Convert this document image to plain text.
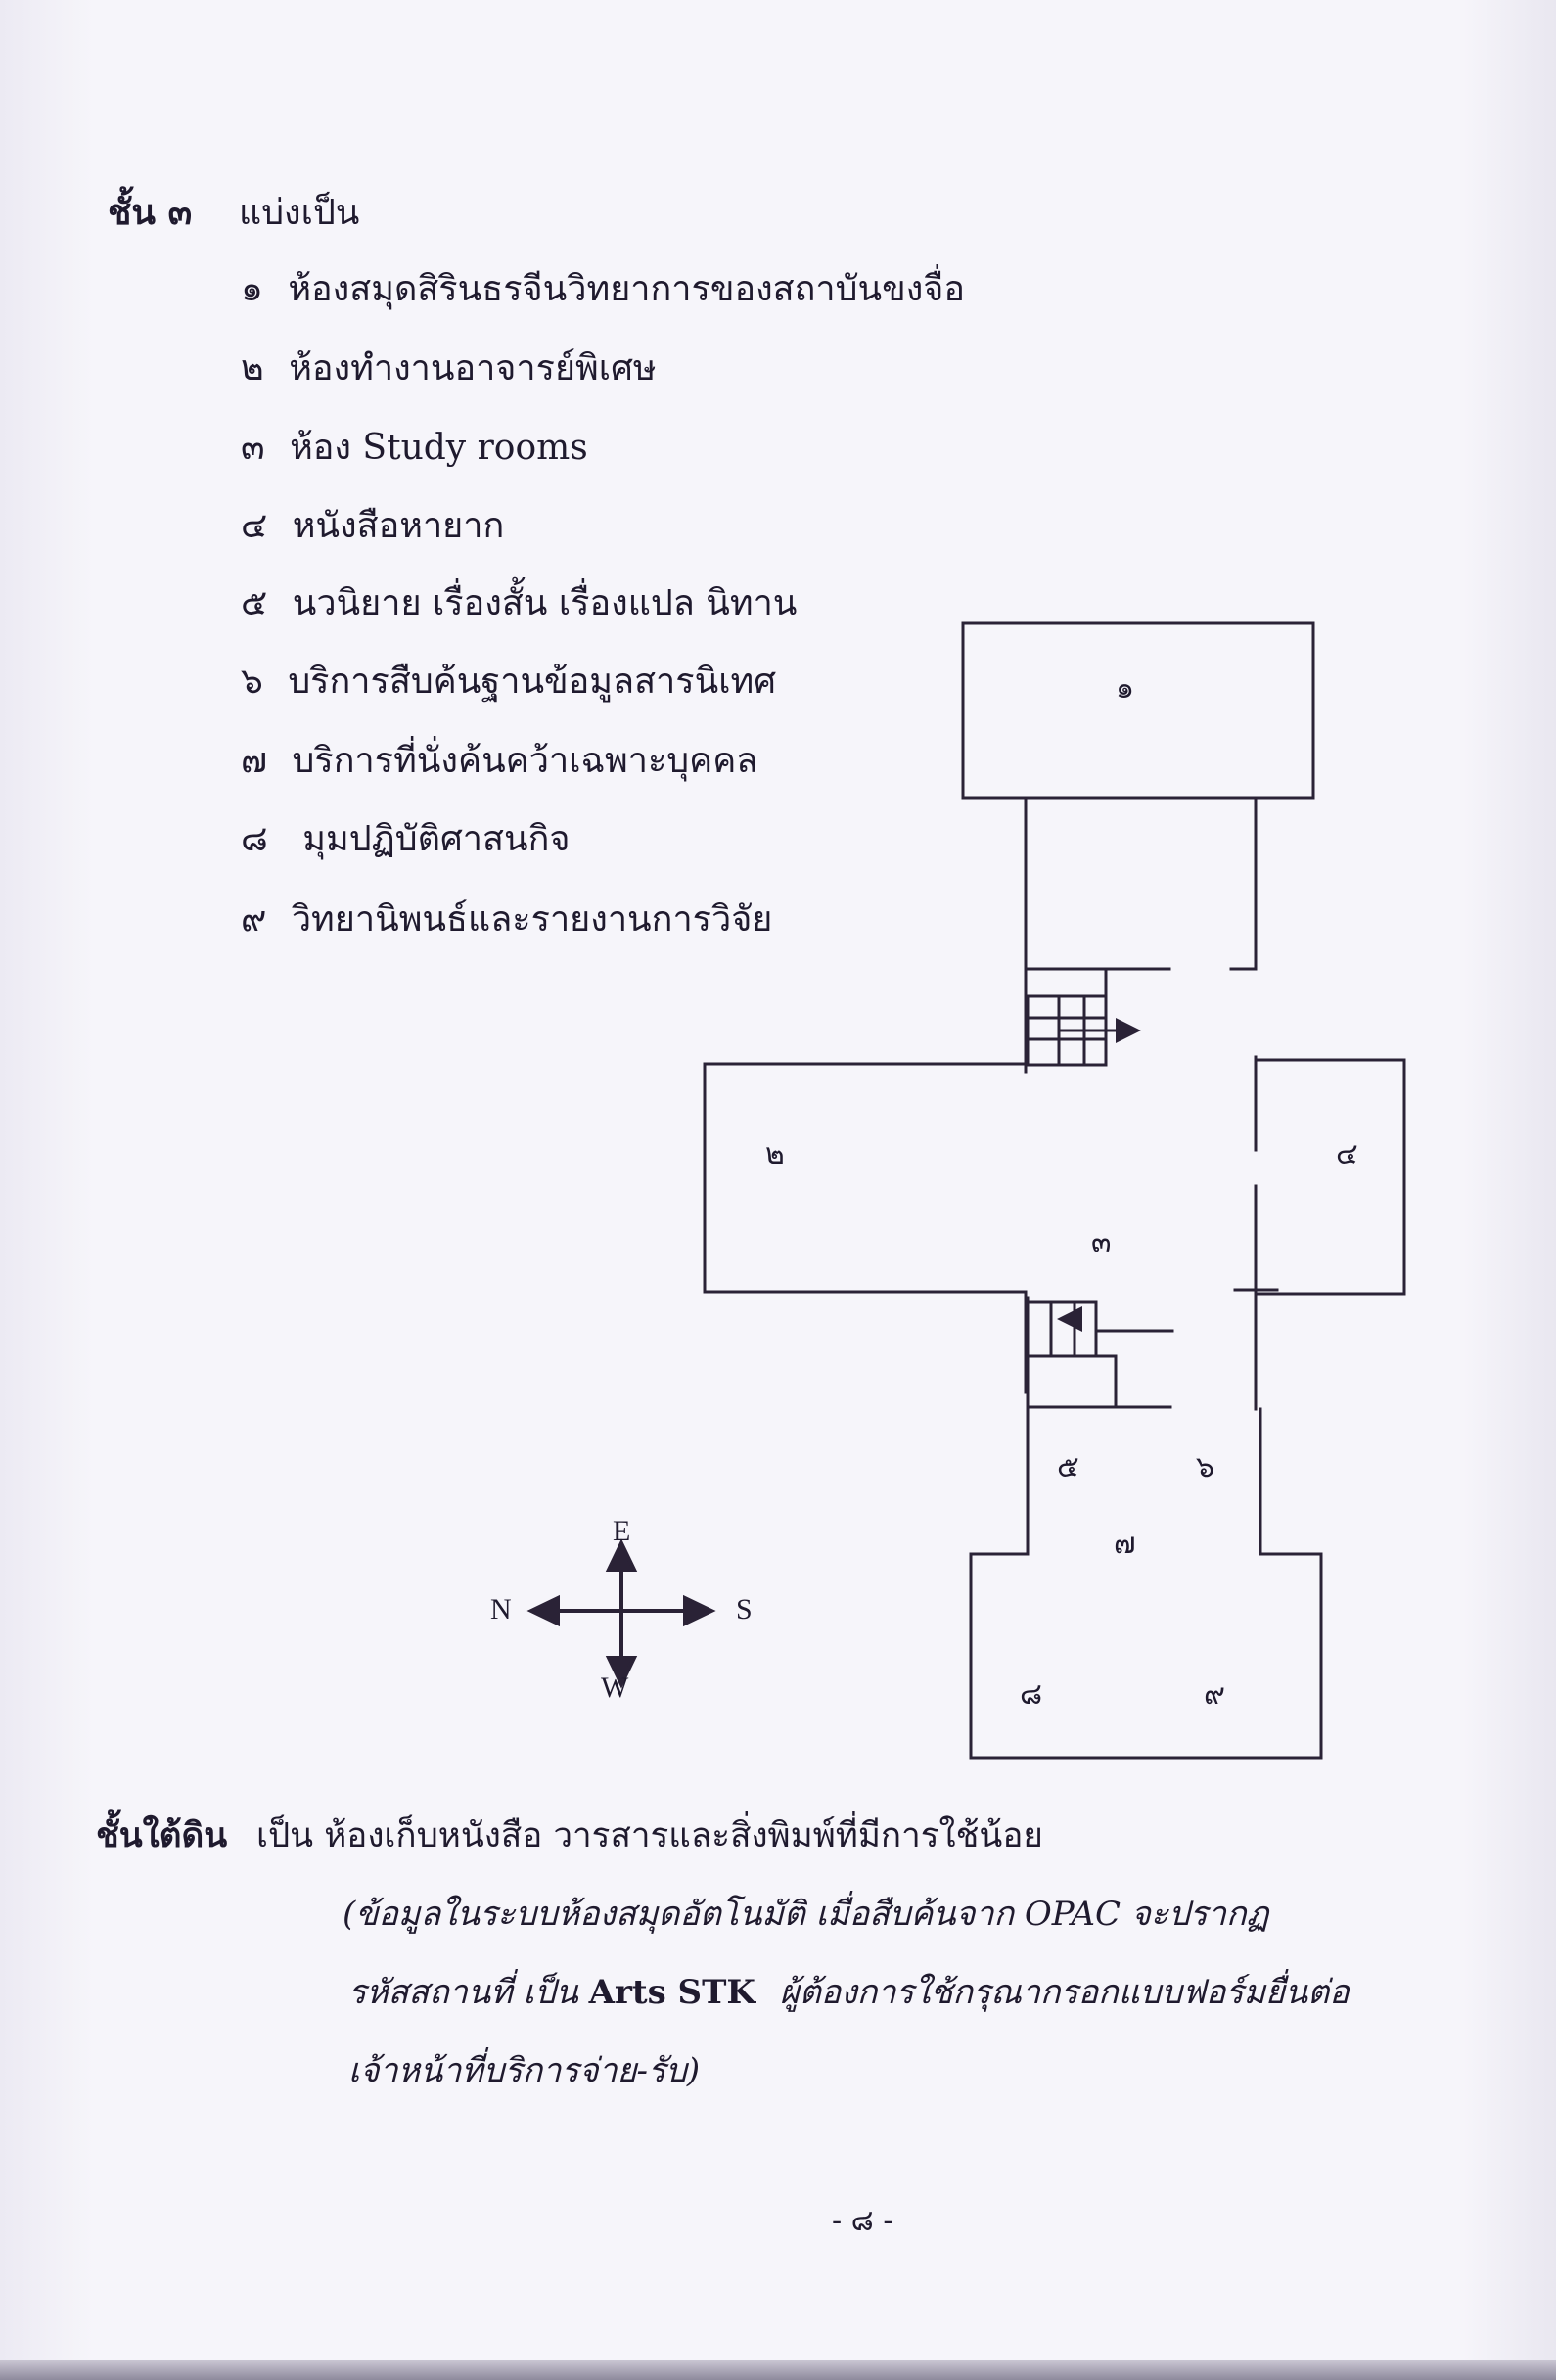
ชั้น ๓ แบ่งเป็น
๑ ห้องสมุดสิรินธรจีนวิทยาการของสถาบันขงจื่อ
๒ ห้องทำงานอาจารย์พิเศษ
๓ ห้อง Study rooms
๔ หนังสือหายาก
๕ นวนิยาย เรื่องสั้น เรื่องแปล นิทาน
๖ บริการสืบค้นฐานข้อมูลสารนิเทศ
๗ บริการที่นั่งค้นคว้าเฉพาะบุคคล
๘ มุมปฏิบัติศาสนกิจ
๙ วิทยานิพนธ์และรายงานการวิจัย
๑
๒
๓
๔
๕	๖
๗
๘	๙
N	S
E
W
ชั้นใต้ดิน เป็น ห้องเก็บหนังสือ วารสารและสิ่งพิมพ์ที่มีการใช้น้อย
(ข้อมูลในระบบห้องสมุดอัตโนมัติ เมื่อสืบค้นจาก OPAC จะปรากฏ
รหัสสถานที่ เป็น Arts STK ผู้ต้องการใช้กรุณากรอกแบบฟอร์มยื่นต่อ
เจ้าหน้าที่บริการจ่าย-รับ)
- ๘ -
